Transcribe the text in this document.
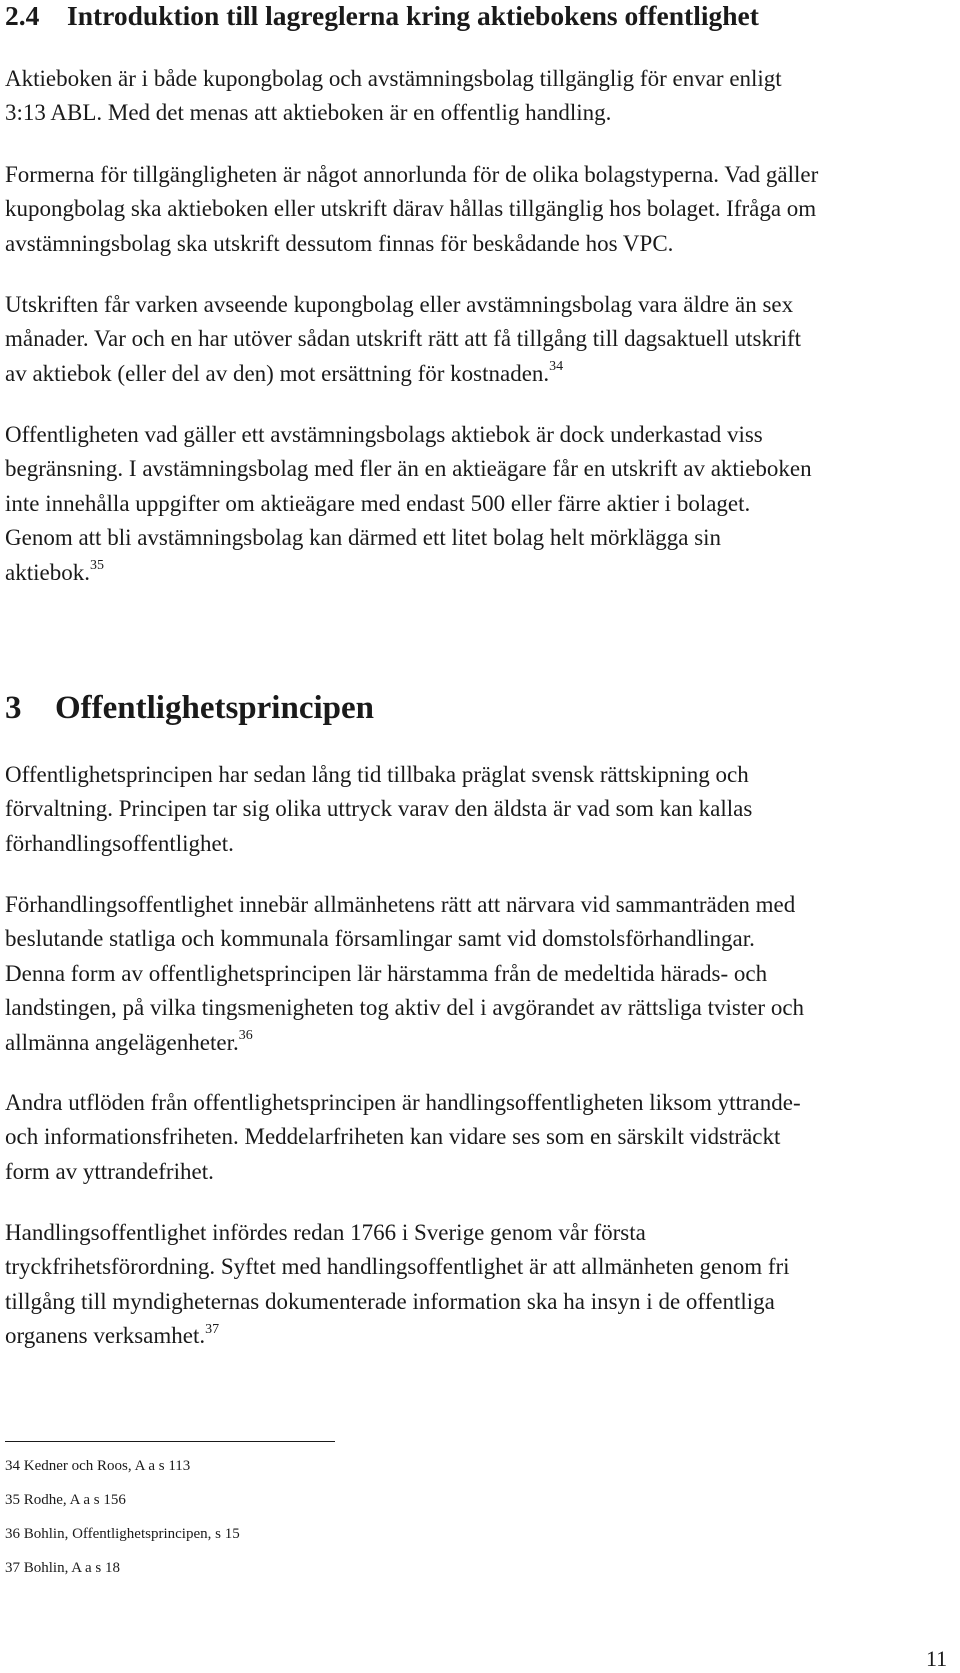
2.4 Introduktion till lagreglerna kring aktiebokens offentlighet

Aktieboken är i både kupongbolag och avstämningsbolag tillgänglig för envar enligt
3:13 ABL. Med det menas att aktieboken är en offentlig handling.

Formerna för tillgängligheten är något annorlunda för de olika bolagstyperna. Vad gäller
kupongbolag ska aktieboken eller utskrift därav hållas tillgänglig hos bolaget. Ifråga om
avstämningsbolag ska utskrift dessutom finnas för beskådande hos VPC.

Utskriften får varken avseende kupongbolag eller avstämningsbolag vara äldre än sex
månader. Var och en har utöver sådan utskrift rätt att få tillgång till dagsaktuell utskrift
av aktiebok (eller del av den) mot ersättning för kostnaden.$^{34}$

Offentligheten vad gäller ett avstämningsbolags aktiebok är dock underkastad viss
begränsning. I avstämningsbolag med fler än en aktieägare får en utskrift av aktieboken
inte innehålla uppgifter om aktieägare med endast 500 eller färre aktier i bolaget.
Genom att bli avstämningsbolag kan därmed ett litet bolag helt mörklägga sin
aktiebok.$^{35}$

3 Offentlighetsprincipen

Offentlighetsprincipen har sedan lång tid tillbaka präglat svensk rättskipning och
förvaltning. Principen tar sig olika uttryck varav den äldsta är vad som kan kallas
förhandlingsoffentlighet.

Förhandlingsoffentlighet innebär allmänhetens rätt att närvara vid sammanträden med
beslutande statliga och kommunala församlingar samt vid domstolsförhandlingar.
Denna form av offentlighetsprincipen lär härstamma från de medeltida härads- och
landstingen, på vilka tingsmenigheten tog aktiv del i avgörandet av rättsliga tvister och
allmänna angelägenheter.$^{36}$

Andra utflöden från offentlighetsprincipen är handlingsoffentligheten liksom yttrande-
och informationsfriheten. Meddelarfriheten kan vidare ses som en särskilt vidsträckt
form av yttrandefrihet.

Handlingsoffentlighet infördes redan 1766 i Sverige genom vår första
tryckfrihetsförordning. Syftet med handlingsoffentlighet är att allmänheten genom fri
tillgång till myndigheternas dokumenterade information ska ha insyn i de offentliga
organens verksamhet.$^{37}$

34 Kedner och Roos, A a s 113

35 Rodhe, A a s 156

36 Bohlin, Offentlighetsprincipen, s 15

37 Bohlin, A a s 18

11
